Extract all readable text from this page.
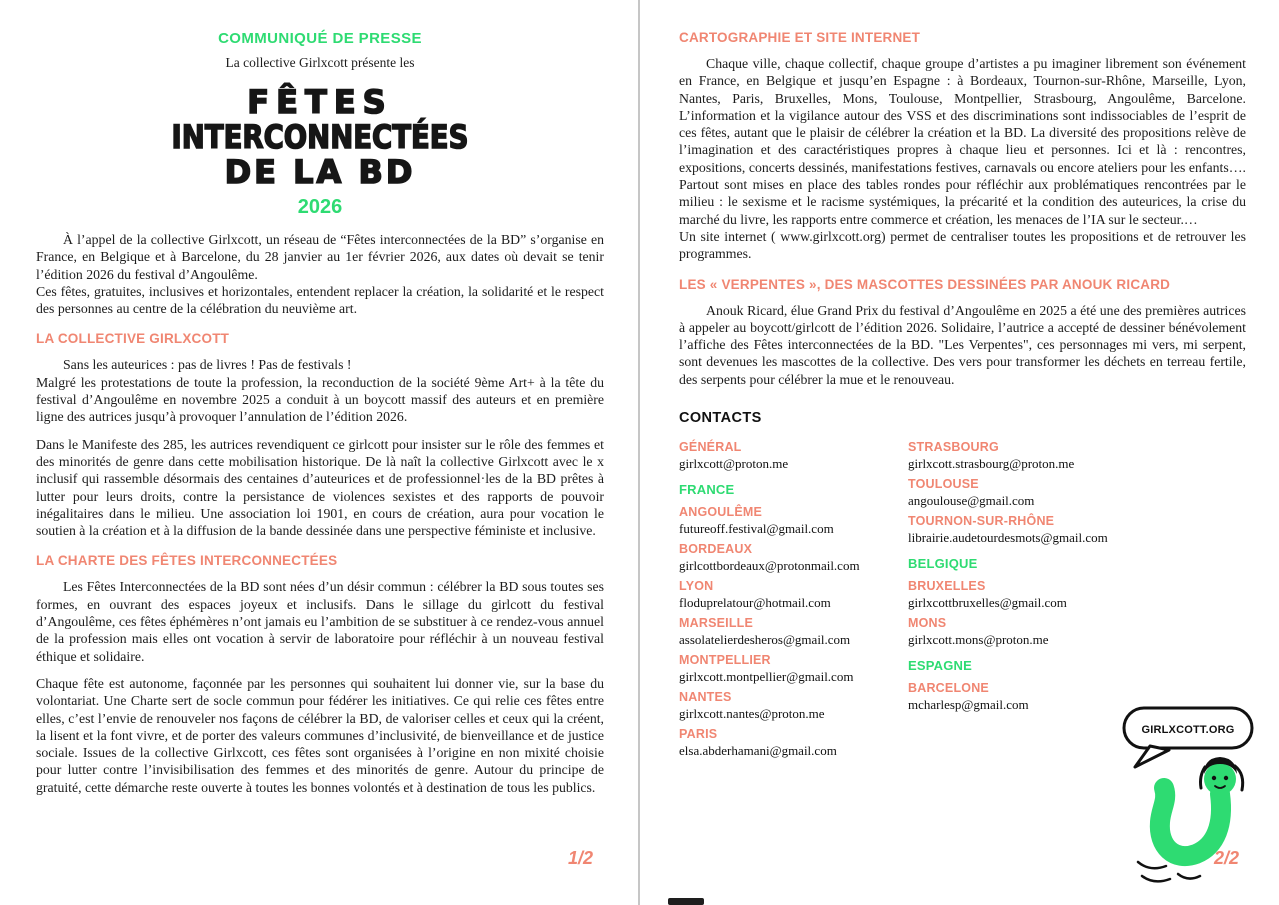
COMMUNIQUÉ DE PRESSE
La collective Girlxcott présente les
FÊTES
INTERCONNECTÉES
DE LA BD
2026

À l’appel de la collective Girlxcott, un réseau de “Fêtes interconnectées de la BD” s’organise en France, en Belgique et à Barcelone, du 28 janvier au 1er février 2026, aux dates où devait se tenir l’édition 2026 du festival d’Angoulême.

Ces fêtes, gratuites, inclusives et horizontales, entendent replacer la création, la solidarité et le respect des personnes au centre de la célébration du neuvième art.

LA COLLECTIVE GIRLXCOTT

Sans les auteurices : pas de livres ! Pas de festivals !

Malgré les protestations de toute la profession, la reconduction de la société 9ème Art+ à la tête du festival d’Angoulême en novembre 2025 a conduit à un boycott massif des auteurs et en première ligne des autrices jusqu’à provoquer l’annulation de l’édition 2026.

Dans le Manifeste des 285, les autrices revendiquent ce girlcott pour insister sur le rôle des femmes et des minorités de genre dans cette mobilisation historique. De là naît la collective Girlxcott avec le x inclusif qui rassemble désormais des centaines d’auteurices et de professionnel·les de la BD prêtes à lutter pour leurs droits, contre la persistance de violences sexistes et des rapports de pouvoir inégalitaires dans le milieu. Une association loi 1901, en cours de création, aura pour vocation le soutien à la création et à la diffusion de la bande dessinée dans une perspective féministe et inclusive.

LA CHARTE DES FÊTES INTERCONNECTÉES

Les Fêtes Interconnectées de la BD sont nées d’un désir commun : célébrer la BD sous toutes ses formes, en ouvrant des espaces joyeux et inclusifs. Dans le sillage du girlcott du festival d’Angoulême, ces fêtes éphémères n’ont jamais eu l’ambition de se substituer à ce rendez-vous annuel de la profession mais elles ont vocation à servir de laboratoire pour réfléchir à un nouveau festival éthique et solidaire.

Chaque fête est autonome, façonnée par les personnes qui souhaitent lui donner vie, sur la base du volontariat. Une Charte sert de socle commun pour fédérer les initiatives. Ce qui relie ces fêtes entre elles, c’est l’envie de renouveler nos façons de célébrer la BD, de valoriser celles et ceux qui la créent, la lisent et la font vivre, et de porter des valeurs communes d’inclusivité, de bienveillance et de justice sociale. Issues de la collective Girlxcott, ces fêtes sont organisées à l’origine en non mixité choisie pour lutter contre l’invisibilisation des femmes et des minorités de genre. Autour du principe de gratuité, cette démarche reste ouverte à toutes les bonnes volontés et à destination de tous les publics.

CARTOGRAPHIE ET SITE INTERNET

Chaque ville, chaque collectif, chaque groupe d’artistes a pu imaginer librement son événement en France, en Belgique et jusqu’en Espagne : à Bordeaux, Tournon-sur-Rhône, Marseille, Lyon, Nantes, Paris, Bruxelles, Mons, Toulouse, Montpellier, Strasbourg, Angoulême, Barcelone. L’information et la vigilance autour des VSS et des discriminations sont indissociables de l’esprit de ces fêtes, autant que le plaisir de célébrer la création et la BD. La diversité des propositions relève de l’imagination et des caractéristiques propres à chaque lieu et personnes. Ici et là : rencontres, expositions, concerts dessinés, manifestations festives, carnavals ou encore ateliers pour les enfants…. Partout sont mises en place des tables rondes pour réfléchir aux problématiques rencontrées par le milieu : le sexisme et le racisme systémiques, la précarité et la condition des auteurices, la crise du marché du livre, les rapports entre commerce et création, les menaces de l’IA sur le secteur.…

Un site internet ( www.girlxcott.org) permet de centraliser toutes les propositions et de retrouver les programmes.

LES « VERPENTES », DES MASCOTTES DESSINÉES PAR ANOUK RICARD

Anouk Ricard, élue Grand Prix du festival d’Angoulême en 2025 a été une des premières autrices à appeler au boycott/girlcott de l’édition 2026. Solidaire, l’autrice a accepté de dessiner bénévolement l’affiche des Fêtes interconnectées de la BD. "Les Verpentes", ces personnages mi vers, mi serpent, sont devenues les mascottes de la collective. Des vers pour transformer les déchets en terreau fertile, des serpents pour célébrer la mue et le renouveau.

CONTACTS
GÉNÉRAL
girlxcott@proton.me
FRANCE
ANGOULÊME
futureoff.festival@gmail.com
BORDEAUX
girlcottbordeaux@protonmail.com
LYON
floduprelatour@hotmail.com
MARSEILLE
assolatelierdesheros@gmail.com
MONTPELLIER
girlxcott.montpellier@gmail.com
NANTES
girlxcott.nantes@proton.me
PARIS
elsa.abderhamani@gmail.com
STRASBOURG
girlxcott.strasbourg@proton.me
TOULOUSE
angoulouse@gmail.com
TOURNON-SUR-RHÔNE
librairie.audetourdesmots@gmail.com
BELGIQUE
BRUXELLES
girlxcottbruxelles@gmail.com
MONS
girlxcott.mons@proton.me
ESPAGNE
BARCELONE
mcharlesp@gmail.com
GIRLXCOTT.ORG
1/2	2/2
